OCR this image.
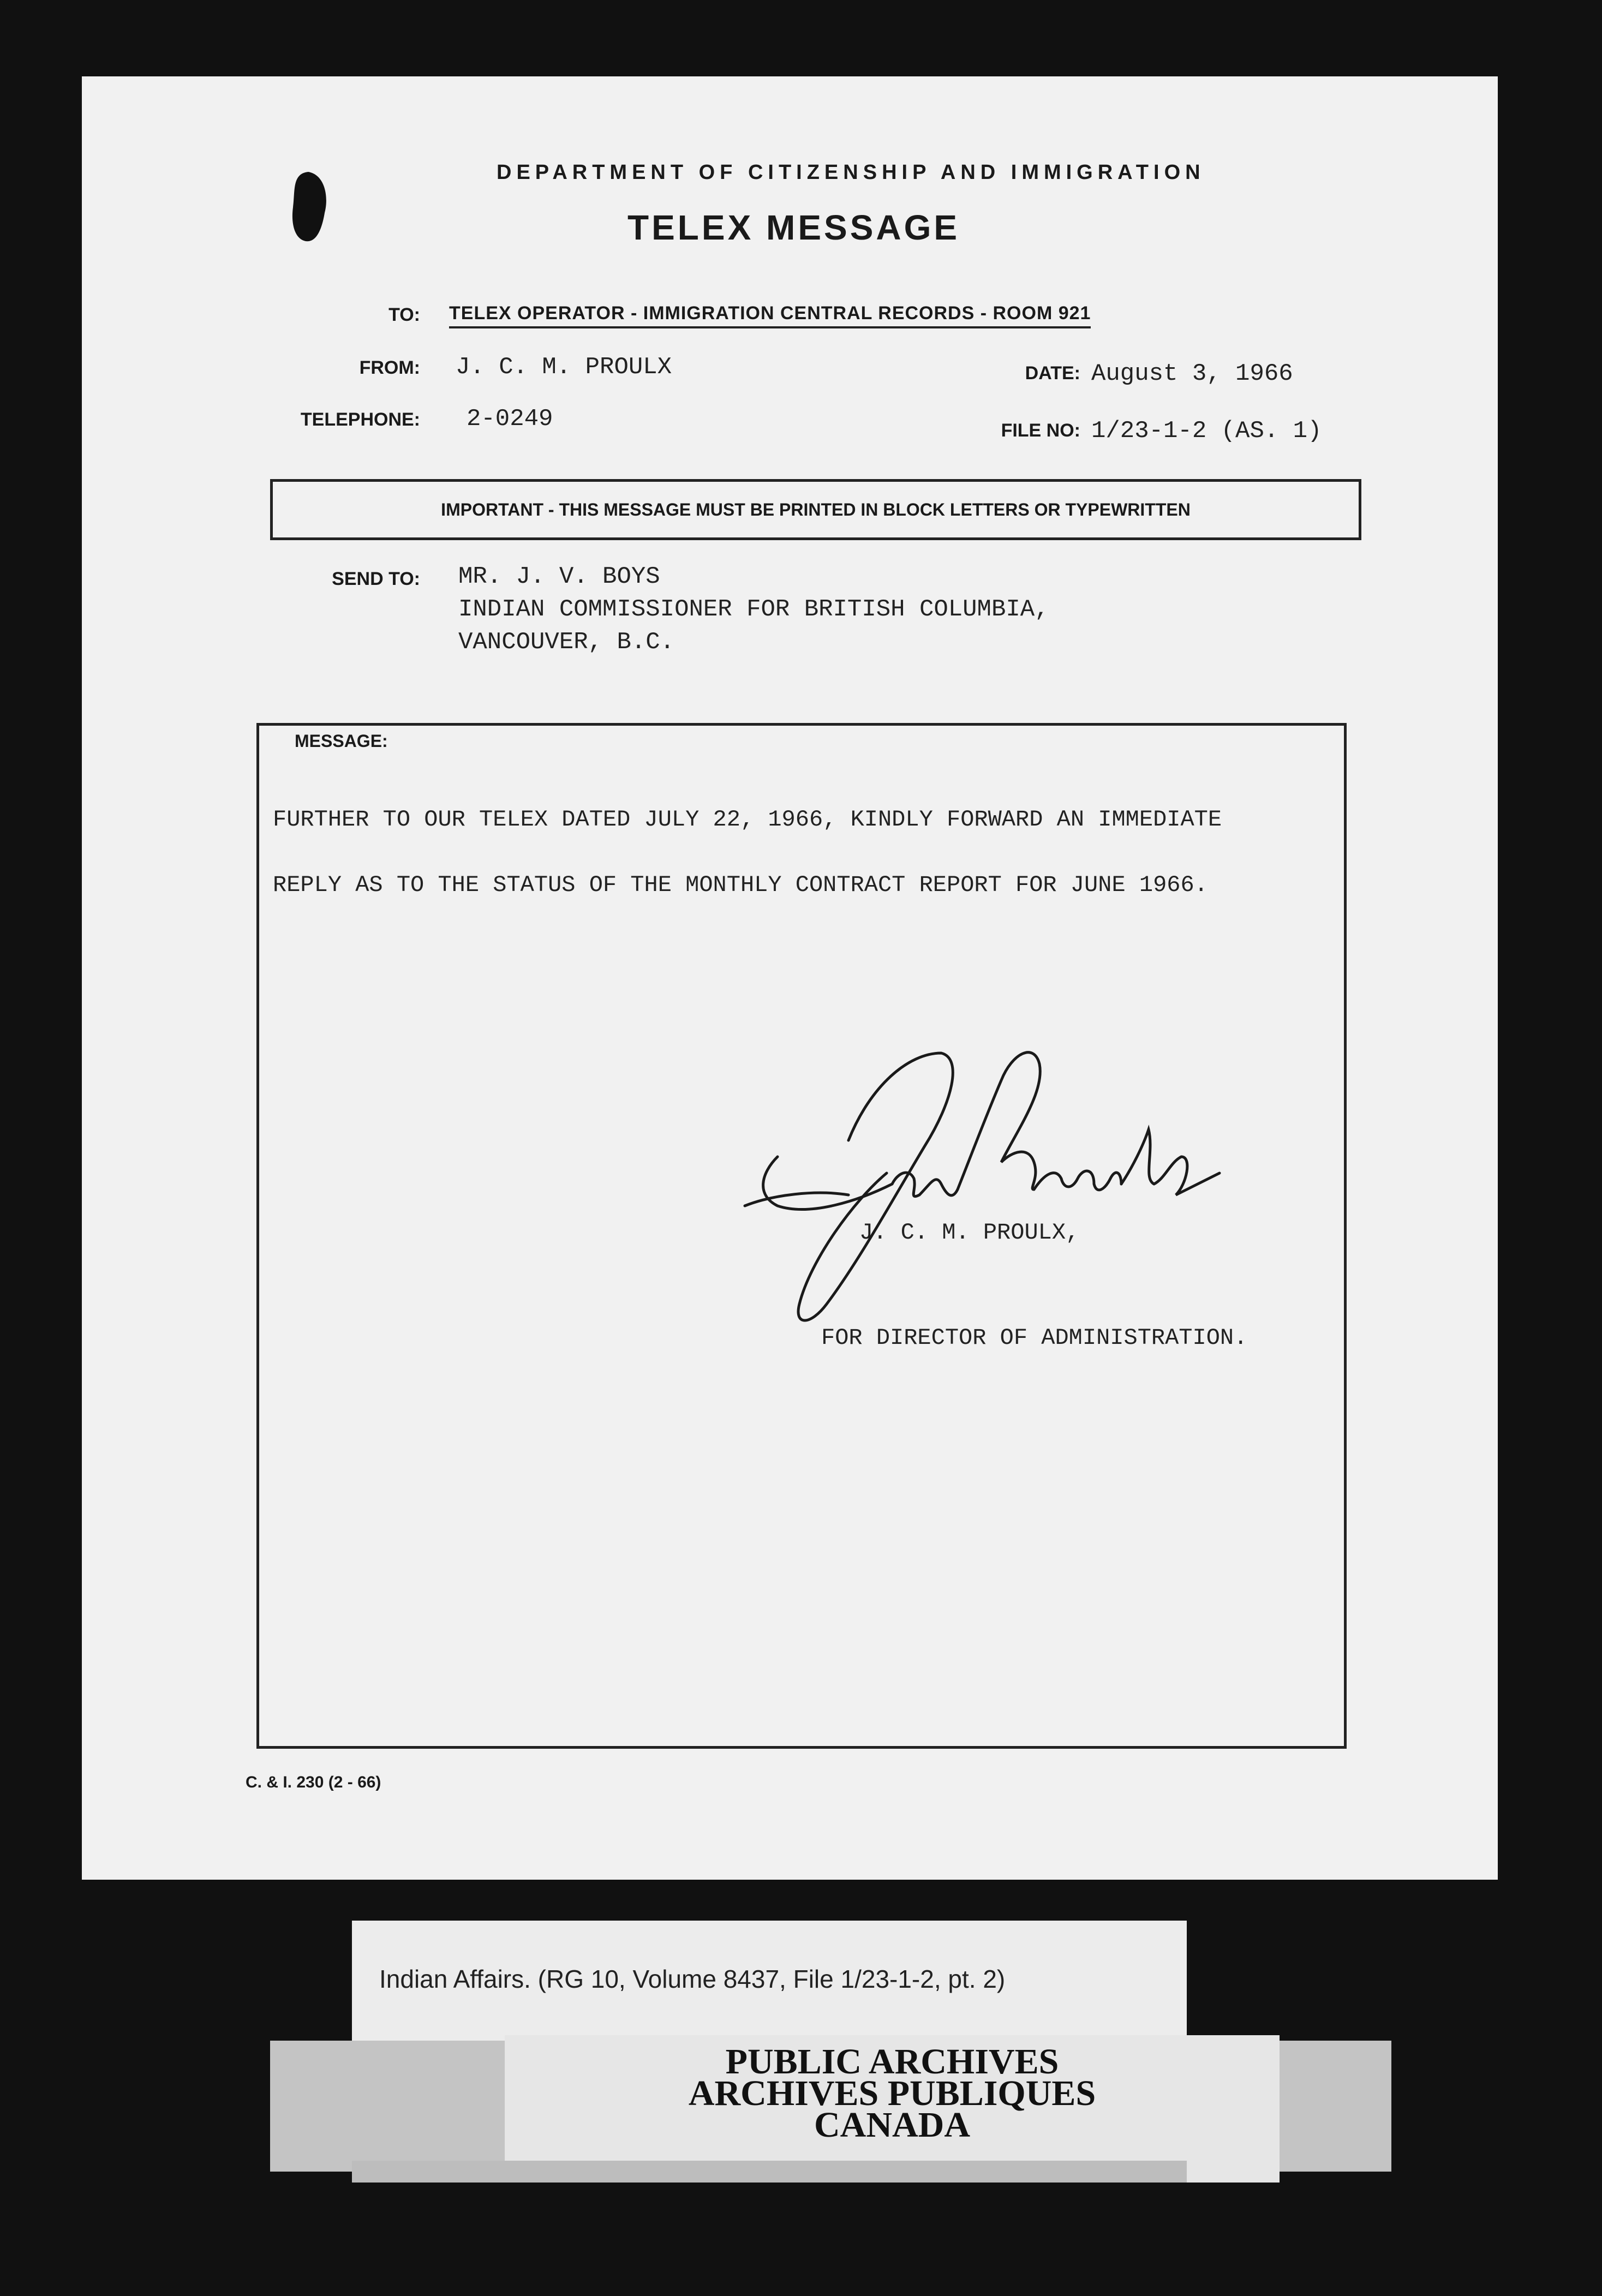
DEPARTMENT OF CITIZENSHIP AND IMMIGRATION
TELEX MESSAGE
TO: TELEX OPERATOR - IMMIGRATION CENTRAL RECORDS - ROOM 921
FROM: J. C. M. PROULX	DATE: August 3, 1966
TELEPHONE: 2-0249	FILE NO: 1/23-1-2 (AS. 1)
IMPORTANT - THIS MESSAGE MUST BE PRINTED IN BLOCK LETTERS OR TYPEWRITTEN
SEND TO: MR. J. V. BOYS
INDIAN COMMISSIONER FOR BRITISH COLUMBIA,
VANCOUVER, B.C.
MESSAGE:
FURTHER TO OUR TELEX DATED JULY 22, 1966, KINDLY FORWARD AN IMMEDIATE
REPLY AS TO THE STATUS OF THE MONTHLY CONTRACT REPORT FOR JUNE 1966.
J. C. M. PROULX,
FOR DIRECTOR OF ADMINISTRATION.
C. & I. 230 (2 - 66)
Indian Affairs. (RG 10, Volume 8437, File 1/23-1-2, pt. 2)
PUBLIC ARCHIVES
ARCHIVES PUBLIQUES
CANADA
